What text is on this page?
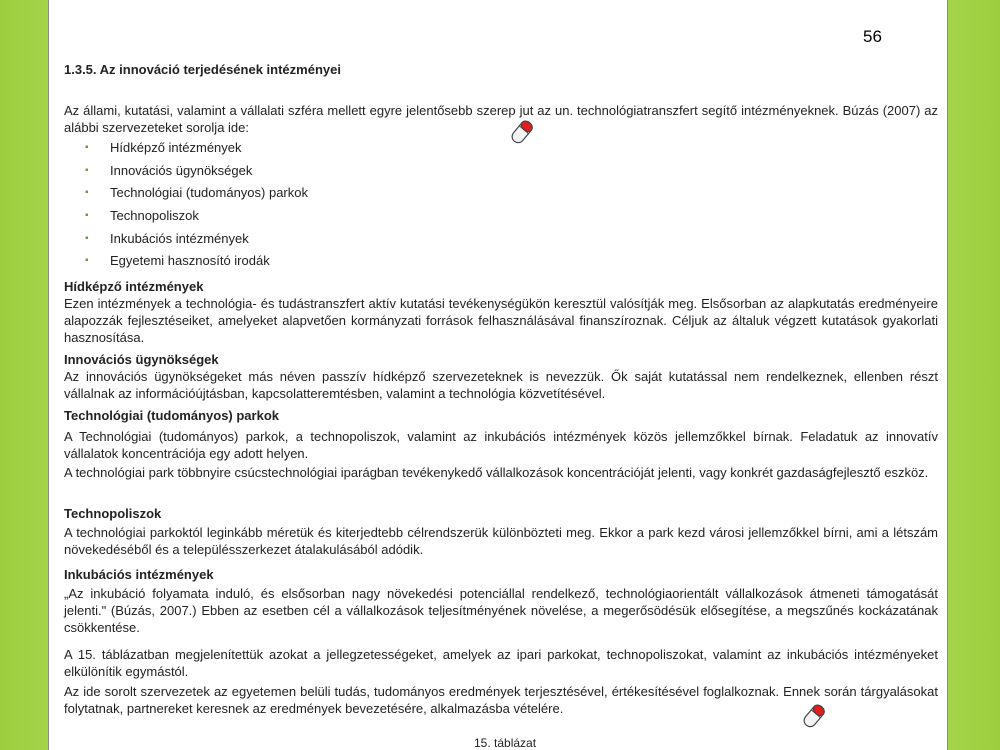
56
1.3.5. Az innováció terjedésének intézményei

Az állami, kutatási, valamint a vállalati szféra mellett egyre jelentősebb szerep jut az un. technológiatranszfert segítő intézményeknek. Búzás (2007) az alábbi szervezeteket sorolja ide:

▪ Hídképző intézmények
▪ Innovációs ügynökségek
▪ Technológiai (tudományos) parkok
▪ Technopoliszok
▪ Inkubációs intézmények
▪ Egyetemi hasznosító irodák

Hídképző intézmények

Ezen intézmények a technológia- és tudástranszfert aktív kutatási tevékenységükön keresztül valósítják meg. Elsősorban az alapkutatás eredményeire alapozzák fejlesztéseiket, amelyeket alapvetően kormányzati források felhasználásával finanszíroznak. Céljuk az általuk végzett kutatások gyakorlati hasznosítása.

Innovációs ügynökségek

Az innovációs ügynökségeket más néven passzív hídképző szervezeteknek is nevezzük. Ők saját kutatással nem rendelkeznek, ellenben részt vállalnak az információújtásban, kapcsolatteremtésben, valamint a technológia közvetítésével.

Technológiai (tudományos) parkok

A Technológiai (tudományos) parkok, a technopoliszok, valamint az inkubációs intézmények közös jellemzőkkel bírnak. Feladatuk az innovatív vállalatok koncentrációja egy adott helyen.

A technológiai park többnyire csúcstechnológiai iparágban tevékenykedő vállalkozások koncentrációját jelenti, vagy konkrét gazdaságfejlesztő eszköz.

Technopoliszok

A technológiai parkoktól leginkább méretük és kiterjedtebb célrendszerük különbözteti meg. Ekkor a park kezd városi jellemzőkkel bírni, ami a létszám növekedéséből és a településszerkezet átalakulásából adódik.

Inkubációs intézmények

„Az inkubáció folyamata induló, és elsősorban nagy növekedési potenciállal rendelkező, technológiaorientált vállalkozások átmeneti támogatását jelenti." (Búzás, 2007.) Ebben az esetben cél a vállalkozások teljesítményének növelése, a megerősödésük elősegítése, a megszűnés kockázatának csökkentése.

A 15. táblázatban megjelenítettük azokat a jellegzetességeket, amelyek az ipari parkokat, technopoliszokat, valamint az inkubációs intézményeket elkülönítik egymástól.

Az ide sorolt szervezetek az egyetemen belüli tudás, tudományos eredmények terjesztésével, értékesítésével foglalkoznak. Ennek során tárgyalásokat folytatnak, partnereket keresnek az eredmények bevezetésére, alkalmazásba vételére.

15. táblázat
